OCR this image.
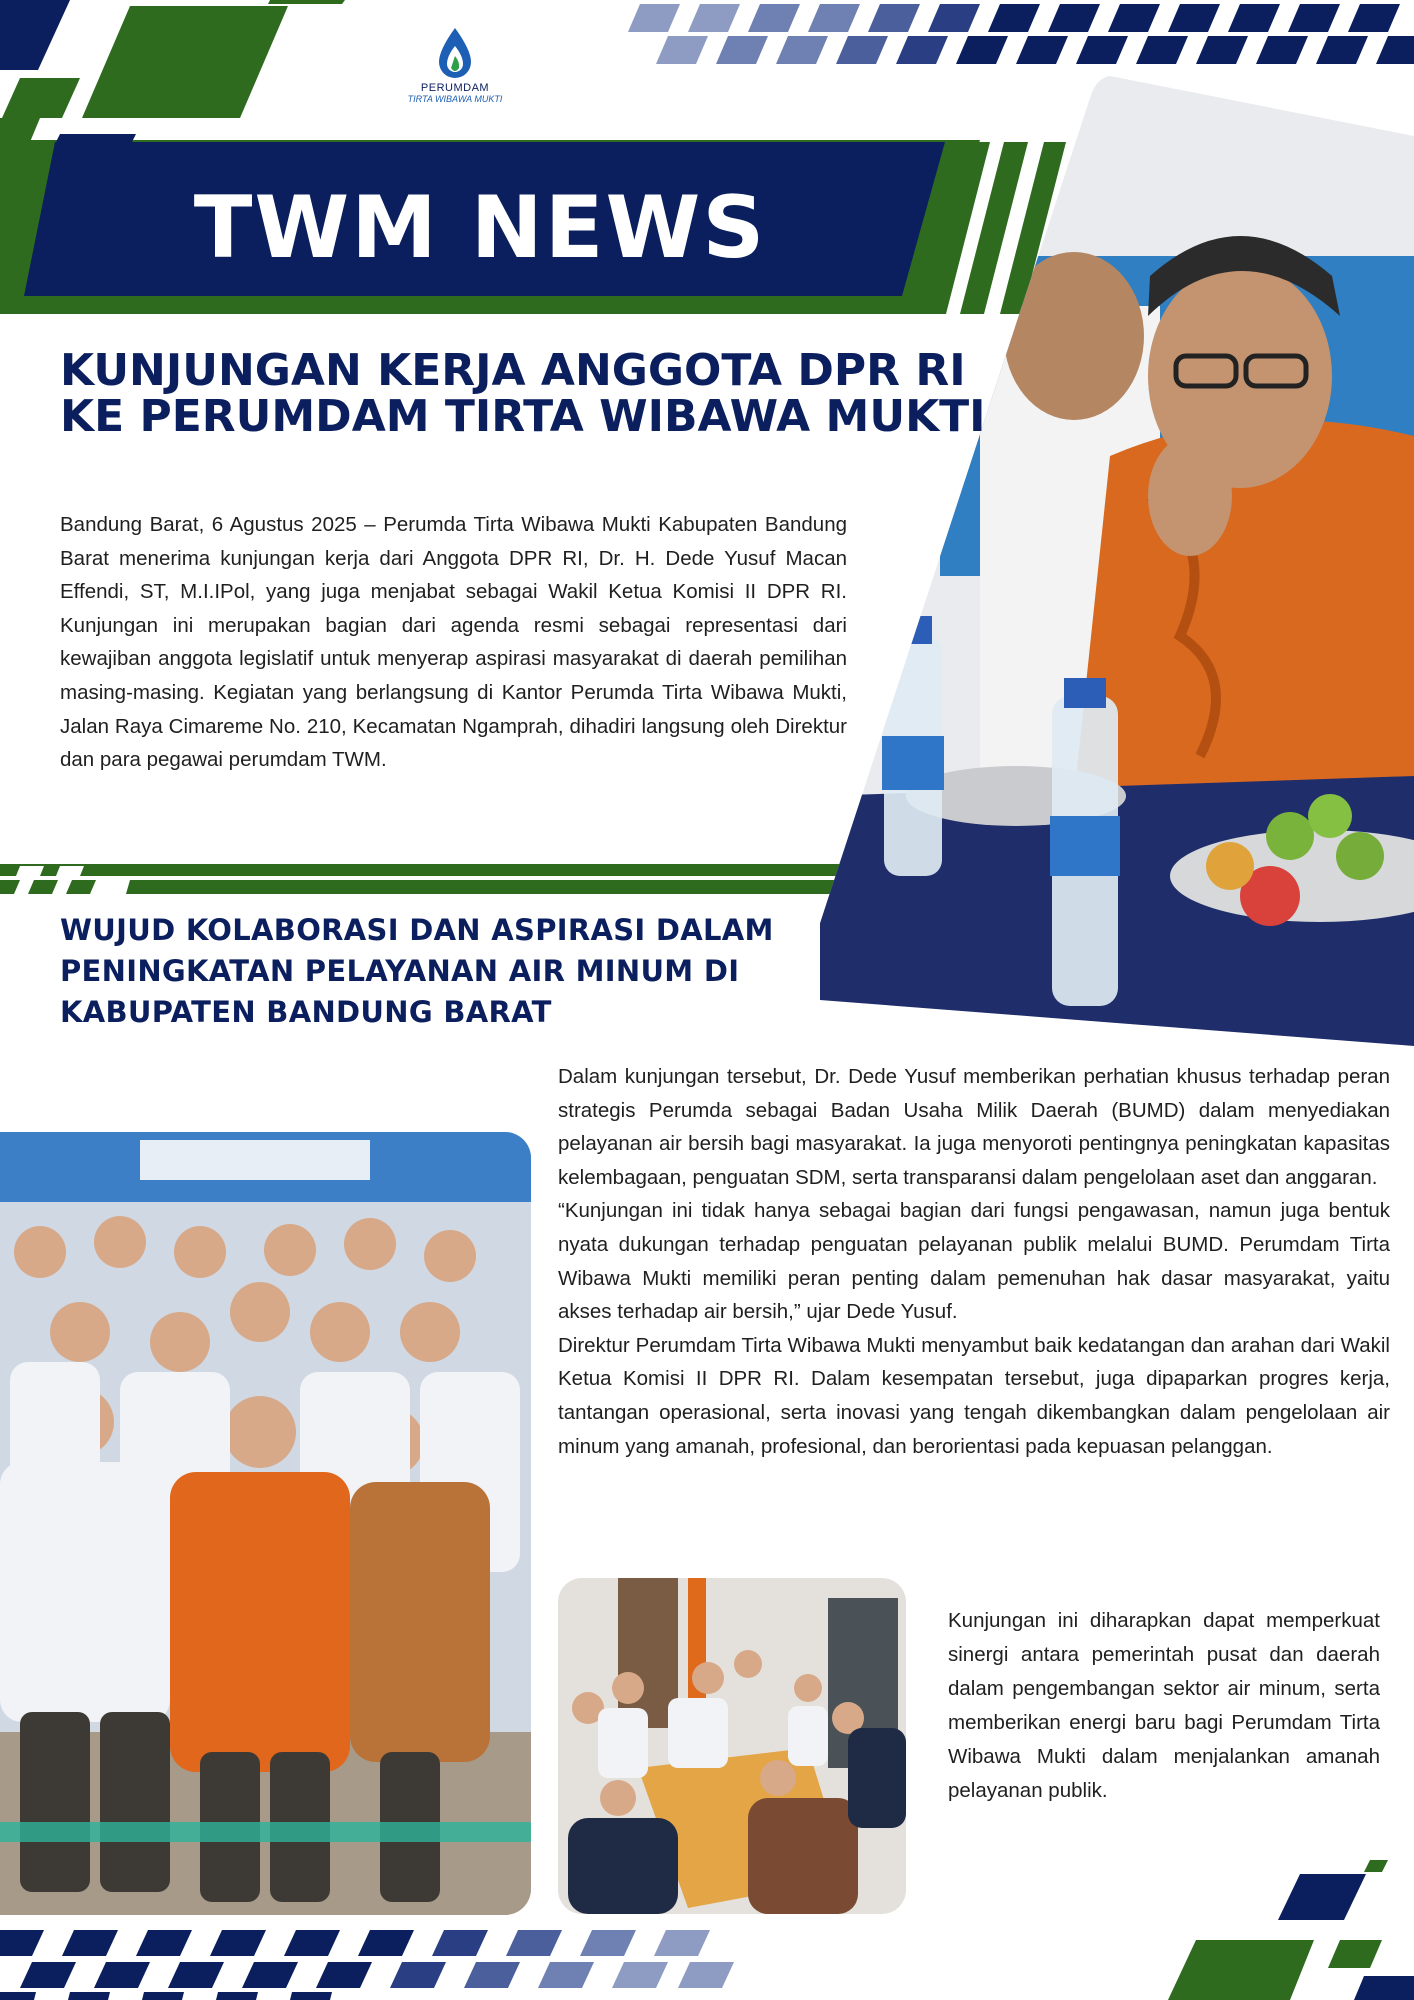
PERUMDAM
TIRTA WIBAWA MUKTI
TWM NEWS
KUNJUNGAN KERJA ANGGOTA DPR RI KE PERUMDAM TIRTA WIBAWA MUKTI

Bandung Barat, 6 Agustus 2025 – Perumda Tirta Wibawa Mukti Kabupaten Bandung Barat menerima kunjungan kerja dari Anggota DPR RI, Dr. H. Dede Yusuf Macan Effendi, ST, M.I.IPol, yang juga menjabat sebagai Wakil Ketua Komisi II DPR RI. Kunjungan ini merupakan bagian dari agenda resmi sebagai representasi dari kewajiban anggota legislatif untuk menyerap aspirasi masyarakat di daerah pemilihan masing-masing. Kegiatan yang berlangsung di Kantor Perumda Tirta Wibawa Mukti, Jalan Raya Cimareme No. 210, Kecamatan Ngamprah, dihadiri langsung oleh Direktur dan para pegawai perumdam TWM.

WUJUD KOLABORASI DAN ASPIRASI DALAM PENINGKATAN PELAYANAN AIR MINUM DI KABUPATEN BANDUNG BARAT

Dalam kunjungan tersebut, Dr. Dede Yusuf memberikan perhatian khusus terhadap peran strategis Perumda sebagai Badan Usaha Milik Daerah (BUMD) dalam menyediakan pelayanan air bersih bagi masyarakat. Ia juga menyoroti pentingnya peningkatan kapasitas kelembagaan, penguatan SDM, serta transparansi dalam pengelolaan aset dan anggaran.

“Kunjungan ini tidak hanya sebagai bagian dari fungsi pengawasan, namun juga bentuk nyata dukungan terhadap penguatan pelayanan publik melalui BUMD. Perumdam Tirta Wibawa Mukti memiliki peran penting dalam pemenuhan hak dasar masyarakat, yaitu akses terhadap air bersih,” ujar Dede Yusuf.

Direktur Perumdam Tirta Wibawa Mukti menyambut baik kedatangan dan arahan dari Wakil Ketua Komisi II DPR RI. Dalam kesempatan tersebut, juga dipaparkan progres kerja, tantangan operasional, serta inovasi yang tengah dikembangkan dalam pengelolaan air minum yang amanah, profesional, dan berorientasi pada kepuasan pelanggan.

Kunjungan ini diharapkan dapat memperkuat sinergi antara pemerintah pusat dan daerah dalam pengembangan sektor air minum, serta memberikan energi baru bagi Perumdam Tirta Wibawa Mukti dalam menjalankan amanah pelayanan publik.
